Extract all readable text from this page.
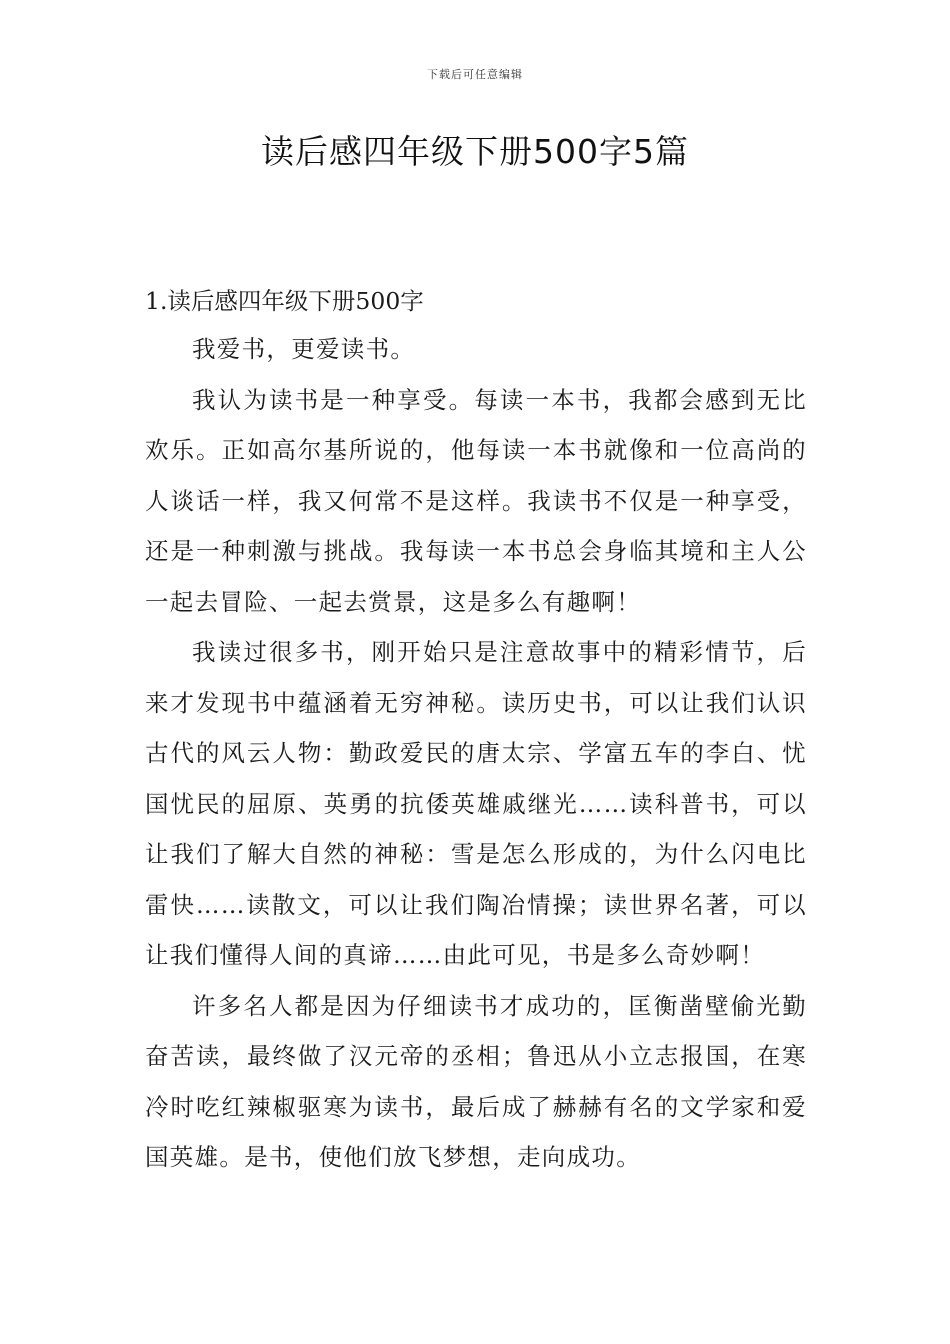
下载后可任意编辑
读后感四年级下册500字5篇
1.读后感四年级下册500字

我爱书，更爱读书。

我认为读书是一种享受。每读一本书，我都会感到无比欢乐。正如高尔基所说的，他每读一本书就像和一位高尚的人谈话一样，我又何常不是这样。我读书不仅是一种享受，还是一种刺激与挑战。我每读一本书总会身临其境和主人公一起去冒险、一起去赏景，这是多么有趣啊！

我读过很多书，刚开始只是注意故事中的精彩情节，后来才发现书中蕴涵着无穷神秘。读历史书，可以让我们认识古代的风云人物：勤政爱民的唐太宗、学富五车的李白、忧国忧民的屈原、英勇的抗倭英雄戚继光……读科普书，可以让我们了解大自然的神秘：雪是怎么形成的，为什么闪电比雷快……读散文，可以让我们陶冶情操；读世界名著，可以让我们懂得人间的真谛……由此可见，书是多么奇妙啊！

许多名人都是因为仔细读书才成功的，匡衡凿壁偷光勤奋苦读，最终做了汉元帝的丞相；鲁迅从小立志报国，在寒冷时吃红辣椒驱寒为读书，最后成了赫赫有名的文学家和爱国英雄。是书，使他们放飞梦想，走向成功。
